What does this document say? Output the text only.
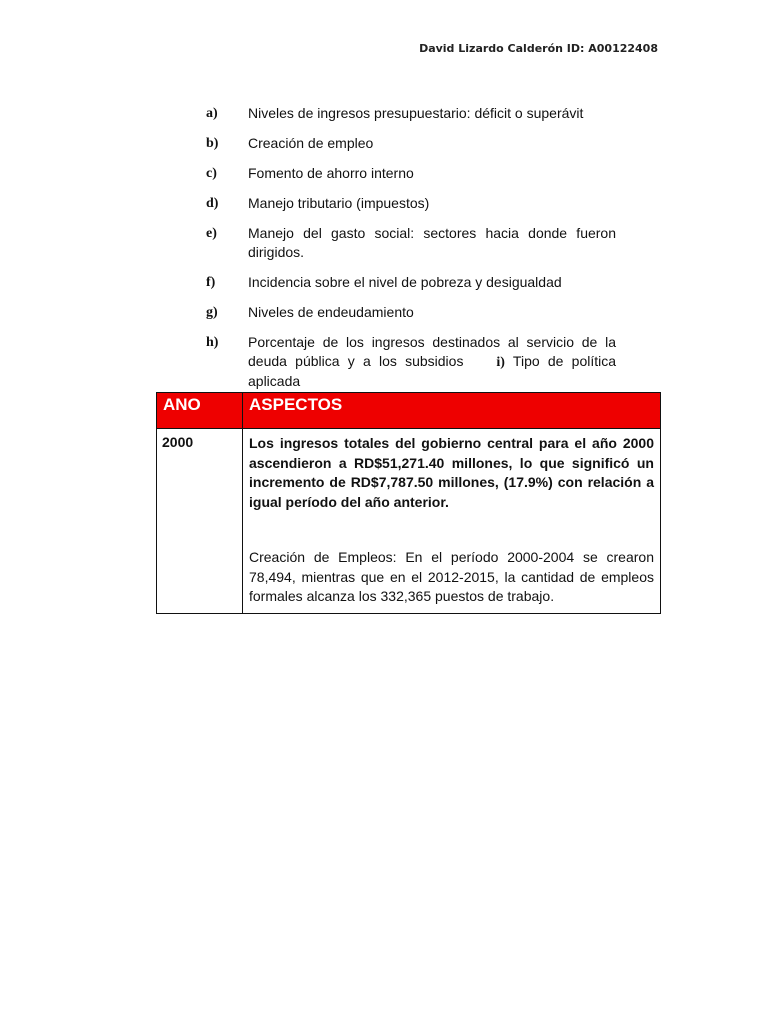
David Lizardo Calderón ID: A00122408
a)	Niveles de ingresos presupuestario: déficit o superávit
b)	Creación de empleo
c)	Fomento de ahorro interno
d)	Manejo tributario (impuestos)
e)	Manejo del gasto social: sectores hacia donde fueron dirigidos.
f)	Incidencia sobre el nivel de pobreza y desigualdad
g)	Niveles de endeudamiento
h)	Porcentaje de los ingresos destinados al servicio de la deuda pública y a los subsidios i) Tipo de política aplicada
ANO	ASPECTOS
2000	Los ingresos totales del gobierno central para el año 2000 ascendieron a RD$51,271.40 millones, lo que significó un incremento de RD$7,787.50 millones, (17.9%) con relación a igual período del año anterior.

Creación de Empleos: En el período 2000-2004 se crearon 78,494, mientras que en el 2012-2015, la cantidad de empleos formales alcanza los 332,365 puestos de trabajo.
